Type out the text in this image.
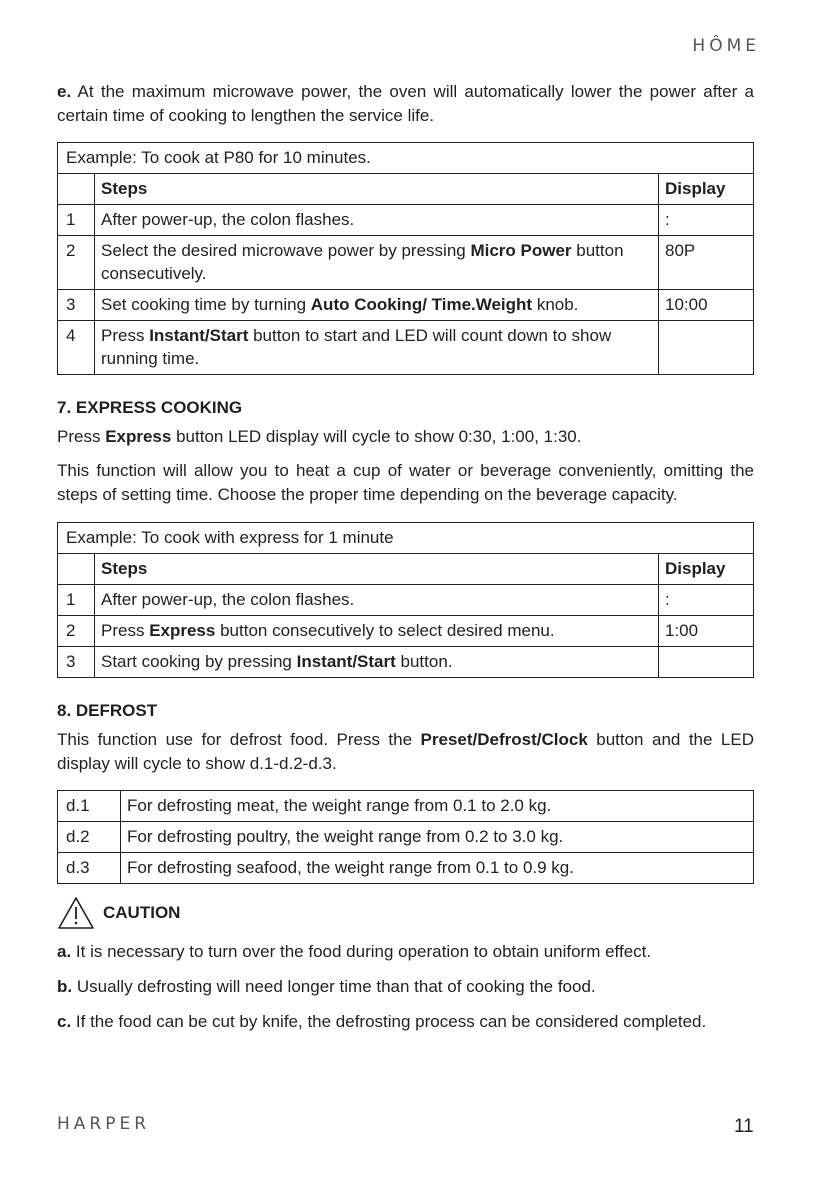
HÔME

e. At the maximum microwave power, the oven will automatically lower the power after a certain time of cooking to lengthen the service life.

Example: To cook at P80 for 10 minutes.		
	Steps	Display
1	After power-up, the colon flashes.	:
2	Select the desired microwave power by pressing Micro Power button consecutively.	80P
3	Set cooking time by turning Auto Cooking/ Time.Weight knob.	10:00
4	Press Instant/Start button to start and LED will count down to show running time.	
7. EXPRESS COOKING

Press Express button LED display will cycle to show 0:30, 1:00, 1:30.

This function will allow you to heat a cup of water or beverage conveniently, omitting the steps of setting time. Choose the proper time depending on the beverage capacity.

Example: To cook with express for 1 minute		
	Steps	Display
1	After power-up, the colon flashes.	:
2	Press Express button consecutively to select desired menu.	1:00
3	Start cooking by pressing Instant/Start button.	
8. DEFROST

This function use for defrost food. Press the Preset/Defrost/Clock button and the LED display will cycle to show d.1-d.2-d.3.

d.1	For defrosting meat, the weight range from 0.1 to 2.0 kg.
d.2	For defrosting poultry, the weight range from 0.2 to 3.0 kg.
d.3	For defrosting seafood, the weight range from 0.1 to 0.9 kg.
CAUTION

a. It is necessary to turn over the food during operation to obtain uniform effect.

b. Usually defrosting will need longer time than that of cooking the food.

c. If the food can be cut by knife, the defrosting process can be considered completed.

HARPER	11
